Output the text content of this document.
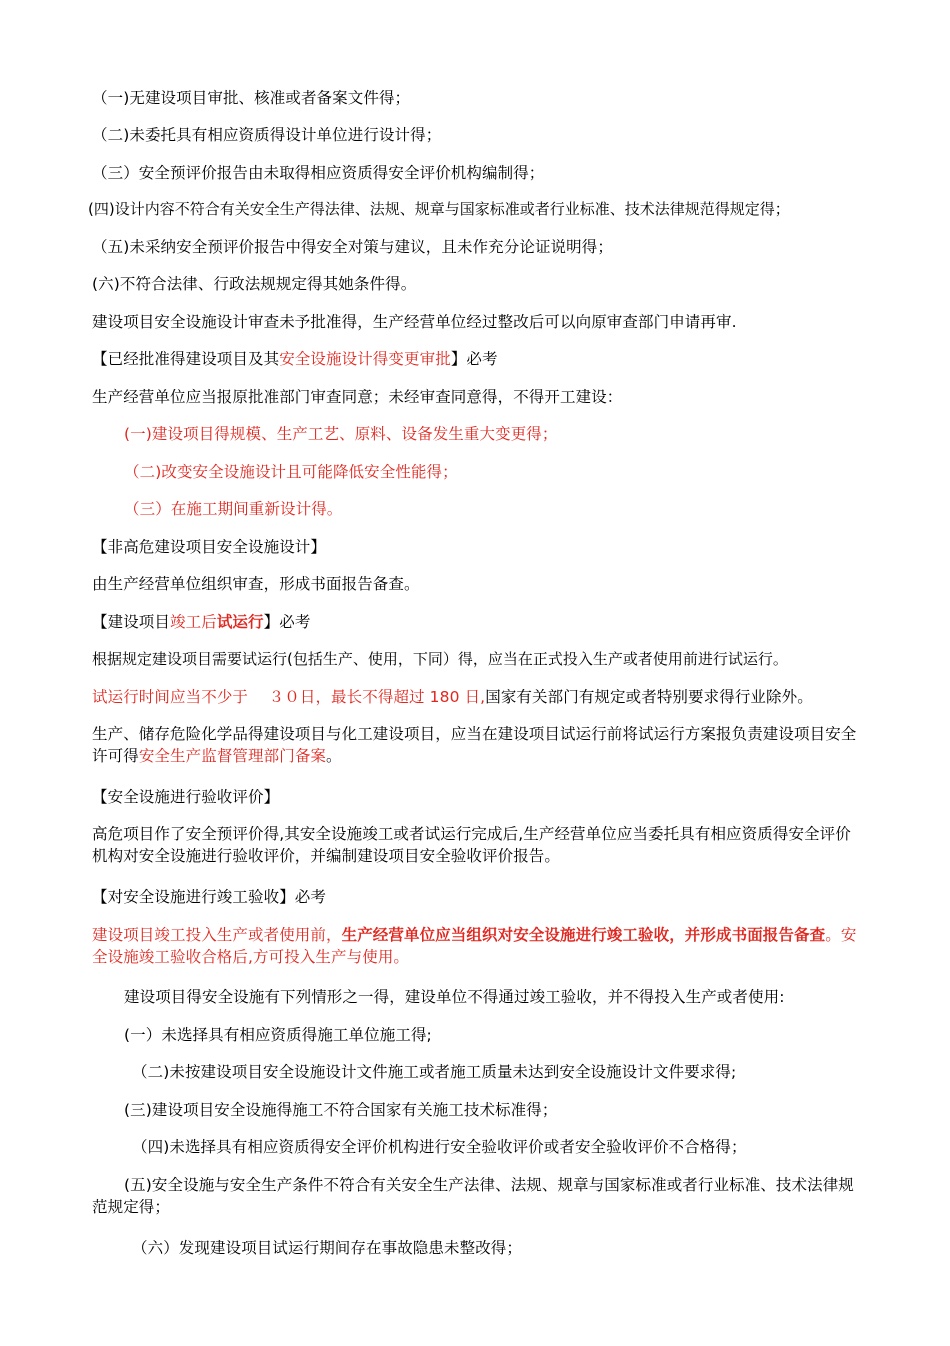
（一)无建设项目审批、核准或者备案文件得；
（二)未委托具有相应资质得设计单位进行设计得；
（三）安全预评价报告由未取得相应资质得安全评价机构编制得；
(四)设计内容不符合有关安全生产得法律、法规、规章与国家标准或者行业标准、技术法律规范得规定得；
（五)未采纳安全预评价报告中得安全对策与建议，且未作充分论证说明得；
(六)不符合法律、行政法规规定得其她条件得。
建设项目安全设施设计审查未予批准得，生产经营单位经过整改后可以向原审查部门申请再审.
【已经批准得建设项目及其安全设施设计得变更审批】必考
生产经营单位应当报原批准部门审查同意；未经审查同意得，不得开工建设：
(一)建设项目得规模、生产工艺、原料、设备发生重大变更得；
（二)改变安全设施设计且可能降低安全性能得；
（三）在施工期间重新设计得。
【非高危建设项目安全设施设计】
由生产经营单位组织审查，形成书面报告备查。
【建设项目竣工后试运行】必考
根据规定建设项目需要试运行(包括生产、使用，下同）得，应当在正式投入生产或者使用前进行试运行。
试运行时间应当不少于　 ３０日，最长不得超过 180 日,国家有关部门有规定或者特别要求得行业除外。
生产、储存危险化学品得建设项目与化工建设项目，应当在建设项目试运行前将试运行方案报负责建设项目安全许可得安全生产监督管理部门备案。
【安全设施进行验收评价】
高危项目作了安全预评价得,其安全设施竣工或者试运行完成后,生产经营单位应当委托具有相应资质得安全评价机构对安全设施进行验收评价，并编制建设项目安全验收评价报告。
【对安全设施进行竣工验收】必考
建设项目竣工投入生产或者使用前，生产经营单位应当组织对安全设施进行竣工验收，并形成书面报告备查。安全设施竣工验收合格后,方可投入生产与使用。
建设项目得安全设施有下列情形之一得，建设单位不得通过竣工验收，并不得投入生产或者使用:
(一）未选择具有相应资质得施工单位施工得;
（二)未按建设项目安全设施设计文件施工或者施工质量未达到安全设施设计文件要求得;
(三)建设项目安全设施得施工不符合国家有关施工技术标准得；
（四)未选择具有相应资质得安全评价机构进行安全验收评价或者安全验收评价不合格得；
(五)安全设施与安全生产条件不符合有关安全生产法律、法规、规章与国家标准或者行业标准、技术法律规范规定得；
（六）发现建设项目试运行期间存在事故隐患未整改得；
